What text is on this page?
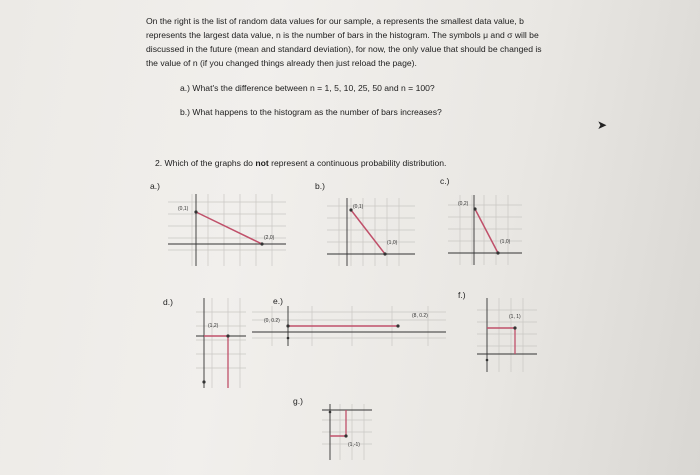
On the right is the list of random data values for our sample, a represents the smallest data value, b
represents the largest data value, n is the number of bars in the histogram. The symbols μ and σ will be
discussed in the future (mean and standard deviation), for now, the only value that should be changed is
the value of n (if you changed things already then just reload the page).
a.) What's the difference between n = 1, 5, 10, 25, 50 and n = 100?
b.) What happens to the histogram as the number of bars increases?
2. Which of the graphs do not represent a continuous probability distribution.
➤
a.)	b.)	c.)
d.)	e.)
f.)
g.)
(0,1)
(2,0)
(0,1)
(1,0)
(0,2)
(1,0)
(1,2)
(0, 0.2)
(8, 0.2)	(1, 1)
(1,-1)
